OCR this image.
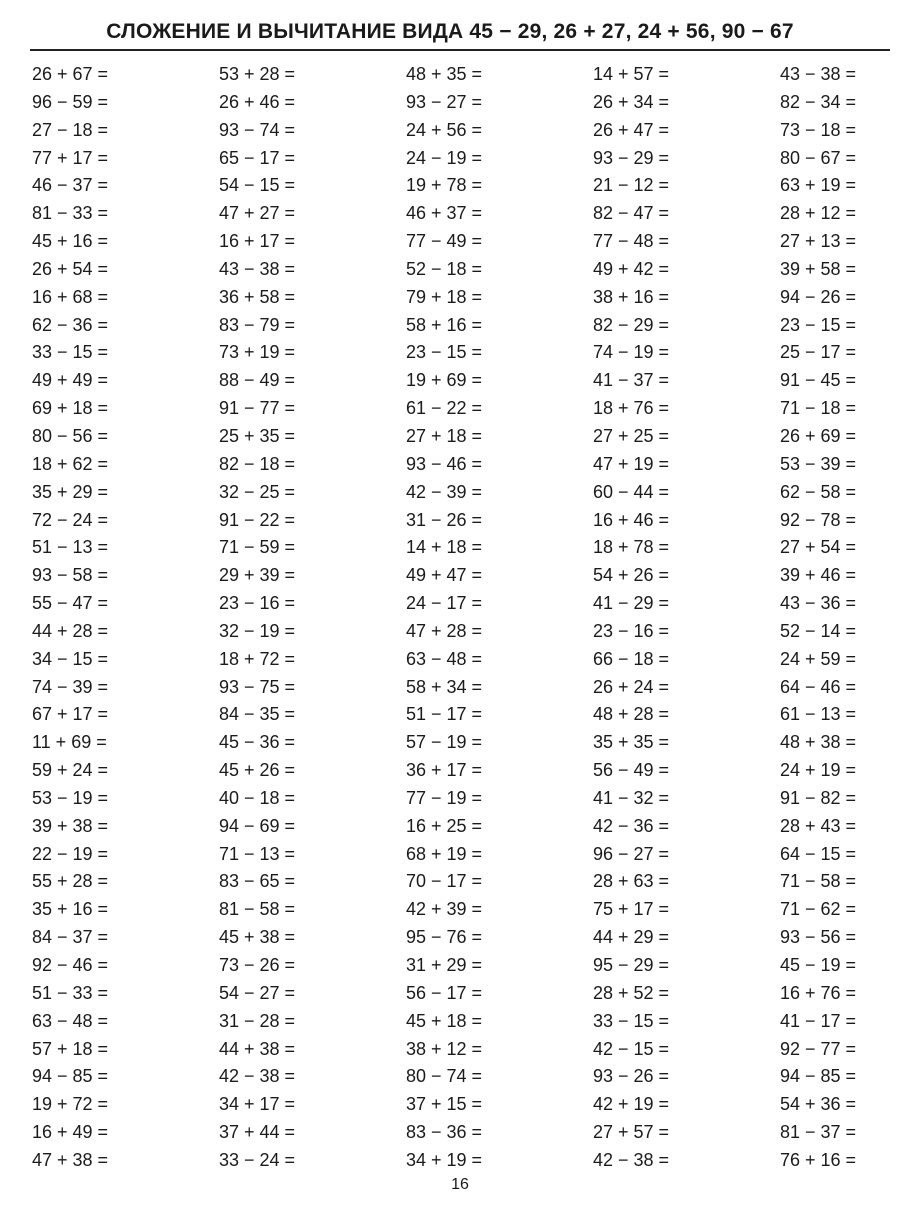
СЛОЖЕНИЕ И ВЫЧИТАНИЕ ВИДА 45 − 29, 26 + 27, 24 + 56, 90 − 67
26 + 67 =
96 − 59 =
27 − 18 =
77 + 17 =
46 − 37 =
81 − 33 =
45 + 16 =
26 + 54 =
16 + 68 =
62 − 36 =
33 − 15 =
49 + 49 =
69 + 18 =
80 − 56 =
18 + 62 =
35 + 29 =
72 − 24 =
51 − 13 =
93 − 58 =
55 − 47 =
44 + 28 =
34 − 15 =
74 − 39 =
67 + 17 =
11 + 69 =
59 + 24 =
53 − 19 =
39 + 38 =
22 − 19 =
55 + 28 =
35 + 16 =
84 − 37 =
92 − 46 =
51 − 33 =
63 − 48 =
57 + 18 =
94 − 85 =
19 + 72 =
16 + 49 =
47 + 38 =
53 + 28 =
26 + 46 =
93 − 74 =
65 − 17 =
54 − 15 =
47 + 27 =
16 + 17 =
43 − 38 =
36 + 58 =
83 − 79 =
73 + 19 =
88 − 49 =
91 − 77 =
25 + 35 =
82 − 18 =
32 − 25 =
91 − 22 =
71 − 59 =
29 + 39 =
23 − 16 =
32 − 19 =
18 + 72 =
93 − 75 =
84 − 35 =
45 − 36 =
45 + 26 =
40 − 18 =
94 − 69 =
71 − 13 =
83 − 65 =
81 − 58 =
45 + 38 =
73 − 26 =
54 − 27 =
31 − 28 =
44 + 38 =
42 − 38 =
34 + 17 =
37 + 44 =
33 − 24 =
48 + 35 =
93 − 27 =
24 + 56 =
24 − 19 =
19 + 78 =
46 + 37 =
77 − 49 =
52 − 18 =
79 + 18 =
58 + 16 =
23 − 15 =
19 + 69 =
61 − 22 =
27 + 18 =
93 − 46 =
42 − 39 =
31 − 26 =
14 + 18 =
49 + 47 =
24 − 17 =
47 + 28 =
63 − 48 =
58 + 34 =
51 − 17 =
57 − 19 =
36 + 17 =
77 − 19 =
16 + 25 =
68 + 19 =
70 − 17 =
42 + 39 =
95 − 76 =
31 + 29 =
56 − 17 =
45 + 18 =
38 + 12 =
80 − 74 =
37 + 15 =
83 − 36 =
34 + 19 =
14 + 57 =
26 + 34 =
26 + 47 =
93 − 29 =
21 − 12 =
82 − 47 =
77 − 48 =
49 + 42 =
38 + 16 =
82 − 29 =
74 − 19 =
41 − 37 =
18 + 76 =
27 + 25 =
47 + 19 =
60 − 44 =
16 + 46 =
18 + 78 =
54 + 26 =
41 − 29 =
23 − 16 =
66 − 18 =
26 + 24 =
48 + 28 =
35 + 35 =
56 − 49 =
41 − 32 =
42 − 36 =
96 − 27 =
28 + 63 =
75 + 17 =
44 + 29 =
95 − 29 =
28 + 52 =
33 − 15 =
42 − 15 =
93 − 26 =
42 + 19 =
27 + 57 =
42 − 38 =
43 − 38 =
82 − 34 =
73 − 18 =
80 − 67 =
63 + 19 =
28 + 12 =
27 + 13 =
39 + 58 =
94 − 26 =
23 − 15 =
25 − 17 =
91 − 45 =
71 − 18 =
26 + 69 =
53 − 39 =
62 − 58 =
92 − 78 =
27 + 54 =
39 + 46 =
43 − 36 =
52 − 14 =
24 + 59 =
64 − 46 =
61 − 13 =
48 + 38 =
24 + 19 =
91 − 82 =
28 + 43 =
64 − 15 =
71 − 58 =
71 − 62 =
93 − 56 =
45 − 19 =
16 + 76 =
41 − 17 =
92 − 77 =
94 − 85 =
54 + 36 =
81 − 37 =
76 + 16 =
16
